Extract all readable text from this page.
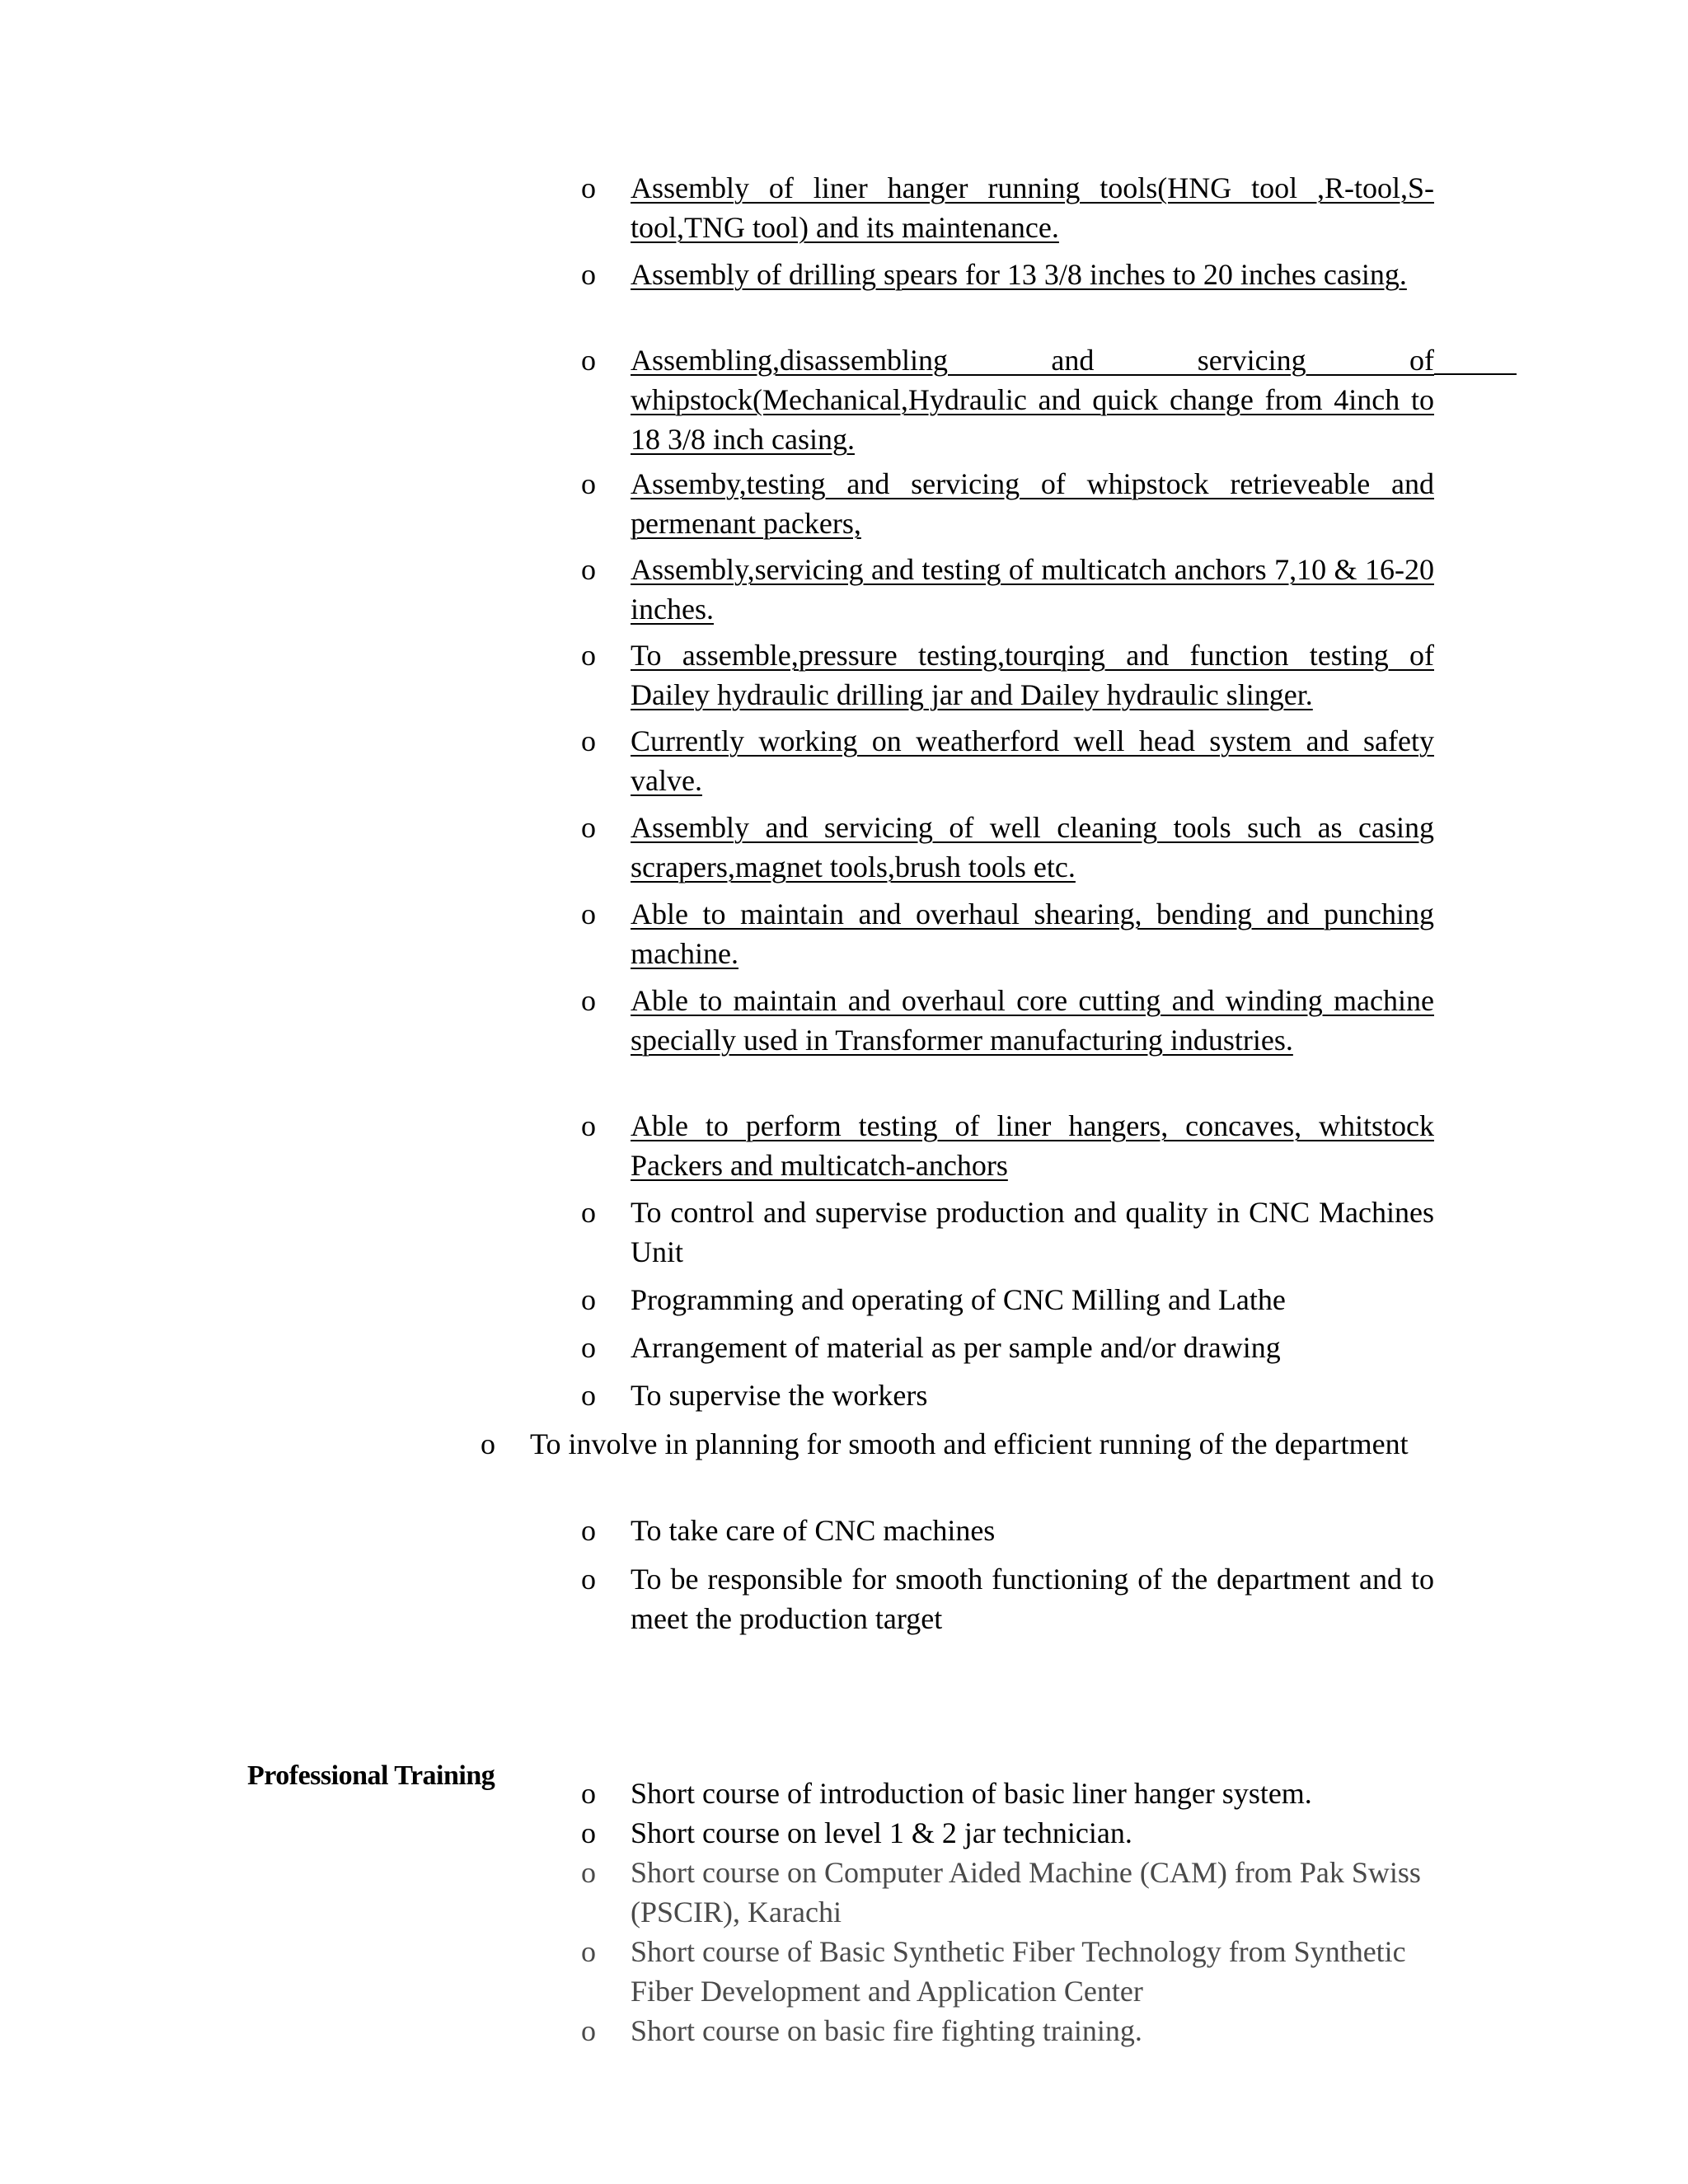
o Assembly of liner hanger running tools(HNG tool ,R-tool,S-tool,TNG tool) and its maintenance.
o Assembly of drilling spears for 13 3/8 inches to 20 inches casing.
o Assembling,disassembling and servicing of whipstock(Mechanical,Hydraulic and quick change from 4inch to 18 3/8 inch casing.
o Assemby,testing and servicing of whipstock retrieveable and permenant packers,
o Assembly,servicing and testing of multicatch anchors 7,10 & 16-20 inches.
o To assemble,pressure testing,tourqing and function testing of Dailey hydraulic drilling jar and Dailey hydraulic slinger.
o Currently working on weatherford well head system and safety valve.
o Assembly and servicing of well cleaning tools such as casing scrapers,magnet tools,brush tools etc.
o Able to maintain and overhaul shearing, bending and punching machine.
o Able to maintain and overhaul core cutting and winding machine specially used in Transformer manufacturing industries.
o Able to perform testing of liner hangers, concaves, whitstock Packers and multicatch-anchors
o To control and supervise production and quality in CNC Machines Unit
o Programming and operating of CNC Milling and Lathe
o Arrangement of material as per sample and/or drawing
o To supervise the workers
o To involve in planning for smooth and efficient running of the department
o To take care of CNC machines
o To be responsible for smooth functioning of the department and to meet the production target
Professional Training
o Short course of introduction of basic liner hanger system.
o Short course on level 1 & 2 jar technician.
o Short course on Computer Aided Machine (CAM) from Pak Swiss (PSCIR), Karachi
o Short course of Basic Synthetic Fiber Technology from Synthetic Fiber Development and Application Center
o Short course on basic fire fighting training.
